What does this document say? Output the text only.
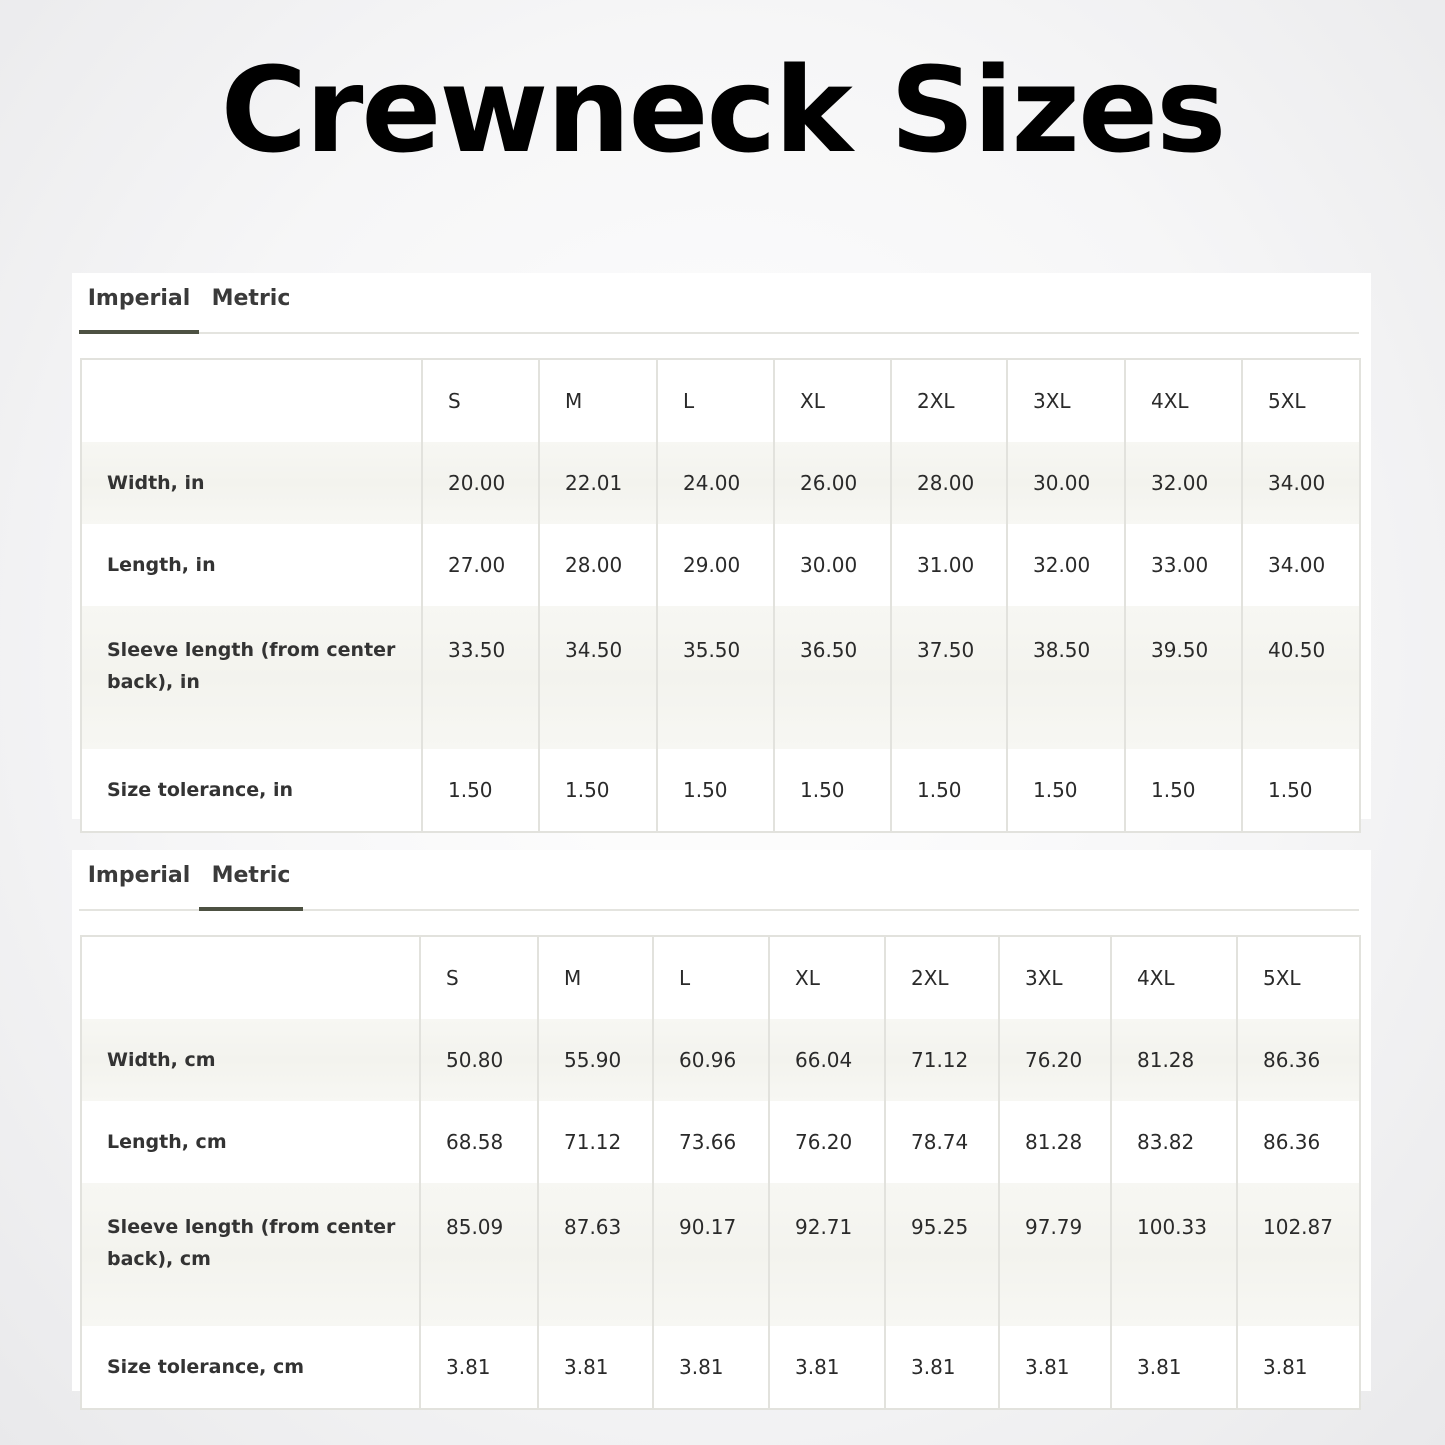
Crewneck Sizes
Imperial Metric
	S	M	L	XL	2XL	3XL	4XL	5XL
Width, in	20.00	22.01	24.00	26.00	28.00	30.00	32.00	34.00
Length, in	27.00	28.00	29.00	30.00	31.00	32.00	33.00	34.00
Sleeve length (from center back), in	33.50	34.50	35.50	36.50	37.50	38.50	39.50	40.50
Size tolerance, in	1.50	1.50	1.50	1.50	1.50	1.50	1.50	1.50
Imperial Metric
	S	M	L	XL	2XL	3XL	4XL	5XL
Width, cm	50.80	55.90	60.96	66.04	71.12	76.20	81.28	86.36
Length, cm	68.58	71.12	73.66	76.20	78.74	81.28	83.82	86.36
Sleeve length (from center back), cm	85.09	87.63	90.17	92.71	95.25	97.79	100.33	102.87
Size tolerance, cm	3.81	3.81	3.81	3.81	3.81	3.81	3.81	3.81
